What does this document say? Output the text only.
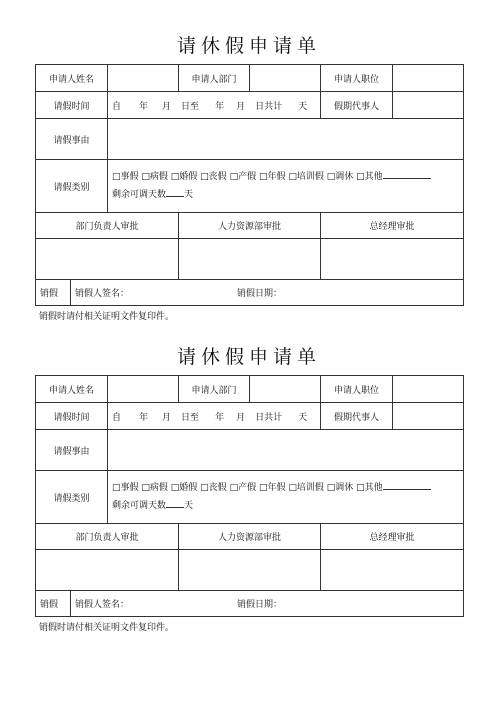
请休假申请单
申请人姓名		申请人部门		申请人职位	
请假时间	自 年 月 日至 年 月 日共计 天	假期代事人	
请假事由	
请假类别	
□事假 □病假 □婚假 □丧假 □产假 □年假 □培训假 □调休 □其他
剩余可调天数 天

部门负责人审批	人力资源部审批	总经理审批

销假	销假人签名：	销假日期：
销假时请付相关证明文件复印件。
请休假申请单
申请人姓名		申请人部门		申请人职位	
请假时间	自 年 月 日至 年 月 日共计 天	假期代事人	
请假事由	
请假类别	
□事假 □病假 □婚假 □丧假 □产假 □年假 □培训假 □调休 □其他
剩余可调天数 天

部门负责人审批	人力资源部审批	总经理审批

销假	销假人签名：	销假日期：
销假时请付相关证明文件复印件。
